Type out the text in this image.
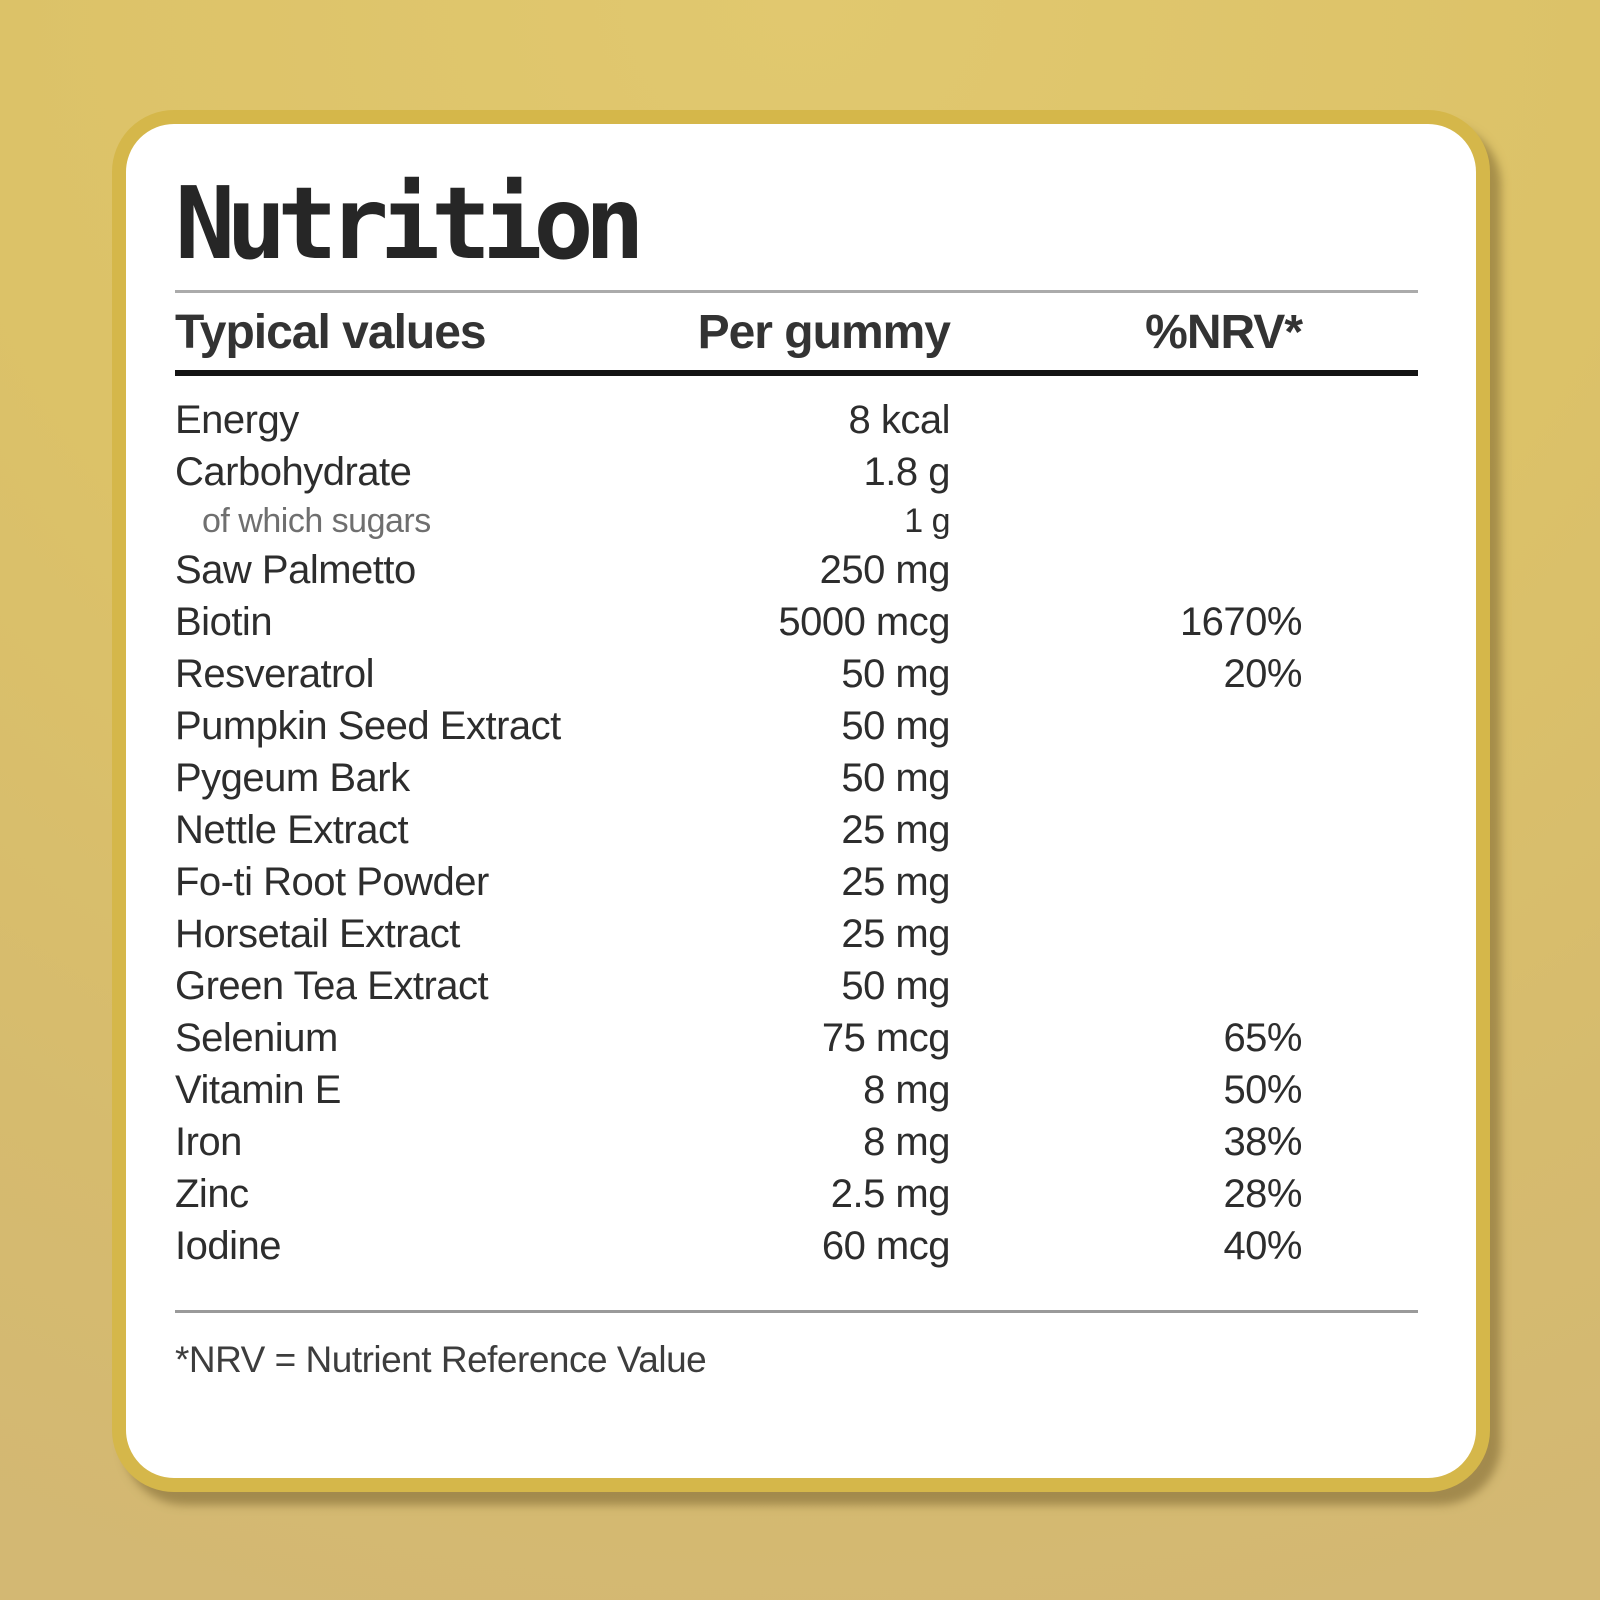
Nutrition
Typical values	Per gummy	%NRV*
Energy	8 kcal
Carbohydrate	1.8 g
of which sugars	1 g
Saw Palmetto	250 mg
Biotin	5000 mcg	1670%
Resveratrol	50 mg	20%
Pumpkin Seed Extract	50 mg
Pygeum Bark	50 mg
Nettle Extract	25 mg
Fo-ti Root Powder	25 mg
Horsetail Extract	25 mg
Green Tea Extract	50 mg
Selenium	75 mcg	65%
Vitamin E	8 mg	50%
Iron	8 mg	38%
Zinc	2.5 mg	28%
Iodine	60 mcg	40%
*NRV = Nutrient Reference Value
